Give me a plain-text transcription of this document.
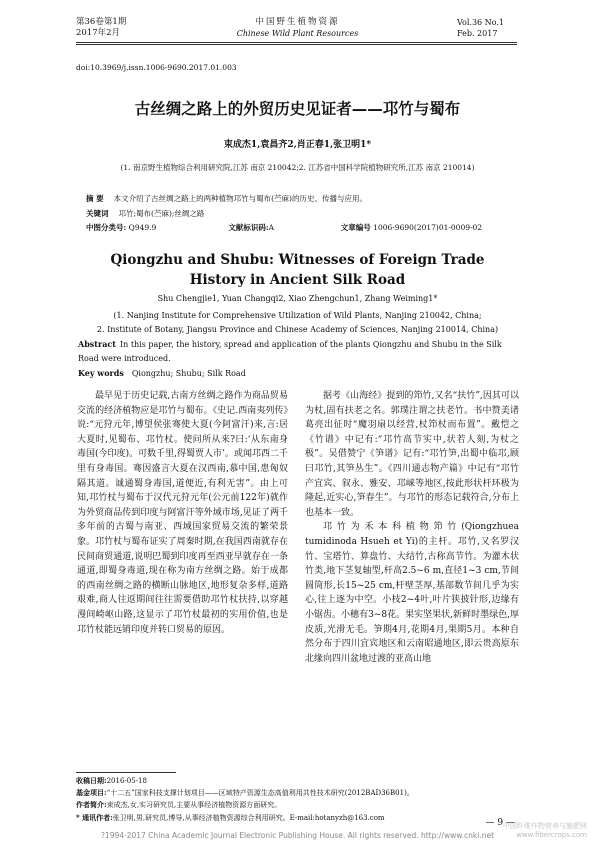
第36卷第1期
2017年2月
中国野生植物资源
Chinese Wild Plant Resources
Vol.36 No.1
Feb. 2017
doi:10.3969/j.issn.1006-9690.2017.01.003
古丝绸之路上的外贸历史见证者——邛竹与蜀布
束成杰1,袁昌齐2,肖正春1,张卫明1*
(1. 南京野生植物综合利用研究院,江苏 南京 210042;2. 江苏省中国科学院植物研究所,江苏 南京 210014)
摘 要 本文介绍了古丝绸之路上的两种植物邛竹与蜀布(苎麻)的历史、传播与应用。
关键词 邛竹;蜀布(苎麻);丝绸之路
中图分类号: Q949.9	文献标识码:A	文章编号 1006-9690(2017)01-0009-02
Qiongzhu and Shubu: Witnesses of Foreign Trade
History in Ancient Silk Road
Shu Chengjie1, Yuan Changqi2, Xiao Zhengchun1, Zhang Weiming1*
(1. Nanjing Institute for Comprehensive Utilization of Wild Plants, Nanjing 210042, China;
2. Institute of Botany, Jiangsu Province and Chinese Academy of Sciences, Nanjing 210014, China)
Abstract In this paper, the history, spread and application of the plants Qiongzhu and Shubu in the Silk Road were introduced.
Key words Qiongzhu; Shubu; Silk Road

最早见于历史记载,古南方丝绸之路作为商品贸易交流的经济植物应是邛竹与蜀布。《史记.西南夷列传》说:“元狩元年,博望侯张骞使大夏(今阿富汗)来,言:居大夏时,见蜀布、邛竹杖。使问所从来?曰:‘从东南身毒国(今印度)。可数千里,得蜀贾人市’。或闻邛西二千里有身毒国。骞因盛言大夏在汉西南,慕中国,患匈奴隔其道。诚通蜀身毒国,道便近,有利无害”。由上可知,邛竹杖与蜀布于汉代元狩元年(公元前122年)就作为外贸商品传到印度与阿富汗等外域市场,见证了两千多年前的古蜀与南亚、西域国家贸易交流的繁荣景象。邛竹杖与蜀布证实了周秦时期,在我国西南就存在民间商贸通道,说明巴蜀到印度再至西亚早就存在一条通道,即蜀身毒道,现在称为南方丝绸之路。始于成都的西南丝绸之路的横断山脉地区,地形复杂多样,道路艰难,商人往返期间往往需要借助邛竹杖扶持,以穿越漫间崎岖山路,这显示了邛竹杖最初的实用价值,也是邛竹杖能远销印度并转口贸易的原因。

据考《山海经》提到的笻竹,又名“扶竹”,因其可以为杖,固有扶老之名。郭璞注谓之扶老竹。书中赞美诸葛亮出征时“魔羽扇以经营,杖笻杖而布置”。戴恺之《竹谱》中记有:“邛竹高节实中,状若人刻,为杖之极”。吴借赞宁《笋谱》记有:“邛竹笋,出蜀中临邛,顾曰邛竹,其笋丛生”。《四川通志物产篇》中记有“邛竹产宜宾、叙永、雅安、邛崃等地区,按此形状杆环极为隆起,近实心,笋春生”。与邛竹的形态记载符合,分布上也基本一致。

邛竹为禾本科植物笻竹(Qiongzhuea tumidinoda Hsueh et Yi)的主杆。邛竹,又名罗汉竹、宝塔竹、算盘竹、大结竹,古称高节竹。为灌木状竹类,地下茎复轴型,杆高2.5~6 m,直径1~3 cm,节间圆筒形,长15~25 cm,杆壁茎厚,基部数节间几乎为实心,往上逐为中空。小枝2~4叶,叶片狭披针形,边缘有小锯齿。小穗有3~8花。果实坚果状,新鲜时墨绿色,厚皮质,光滑无毛。笋期4月,花期4月,果期5月。本种自然分布于四川宜宾地区和云南昭通地区,即云贵高原东北缘向四川盆地过渡的亚高山地

收稿日期:2016-05-18
基金项目:“十二五”国家科技支撑计划项目——区域特产资源生态高值利用共性技术研究(2012BAD36B01)。
作者简介:束成杰,女,实习研究员,主要从事经济植物资源方面研究。
* 通讯作者:张卫明,男,研究员,博导,从事经济植物资源综合利用研究。E-mail:hotanyzh@163.com
— 9 —
?1994-2017 China Academic Journal Electronic Publishing House. All rights reserved. http://www.cnki.net
中国纤维作物营养与施肥网
www.fibercrops.com
